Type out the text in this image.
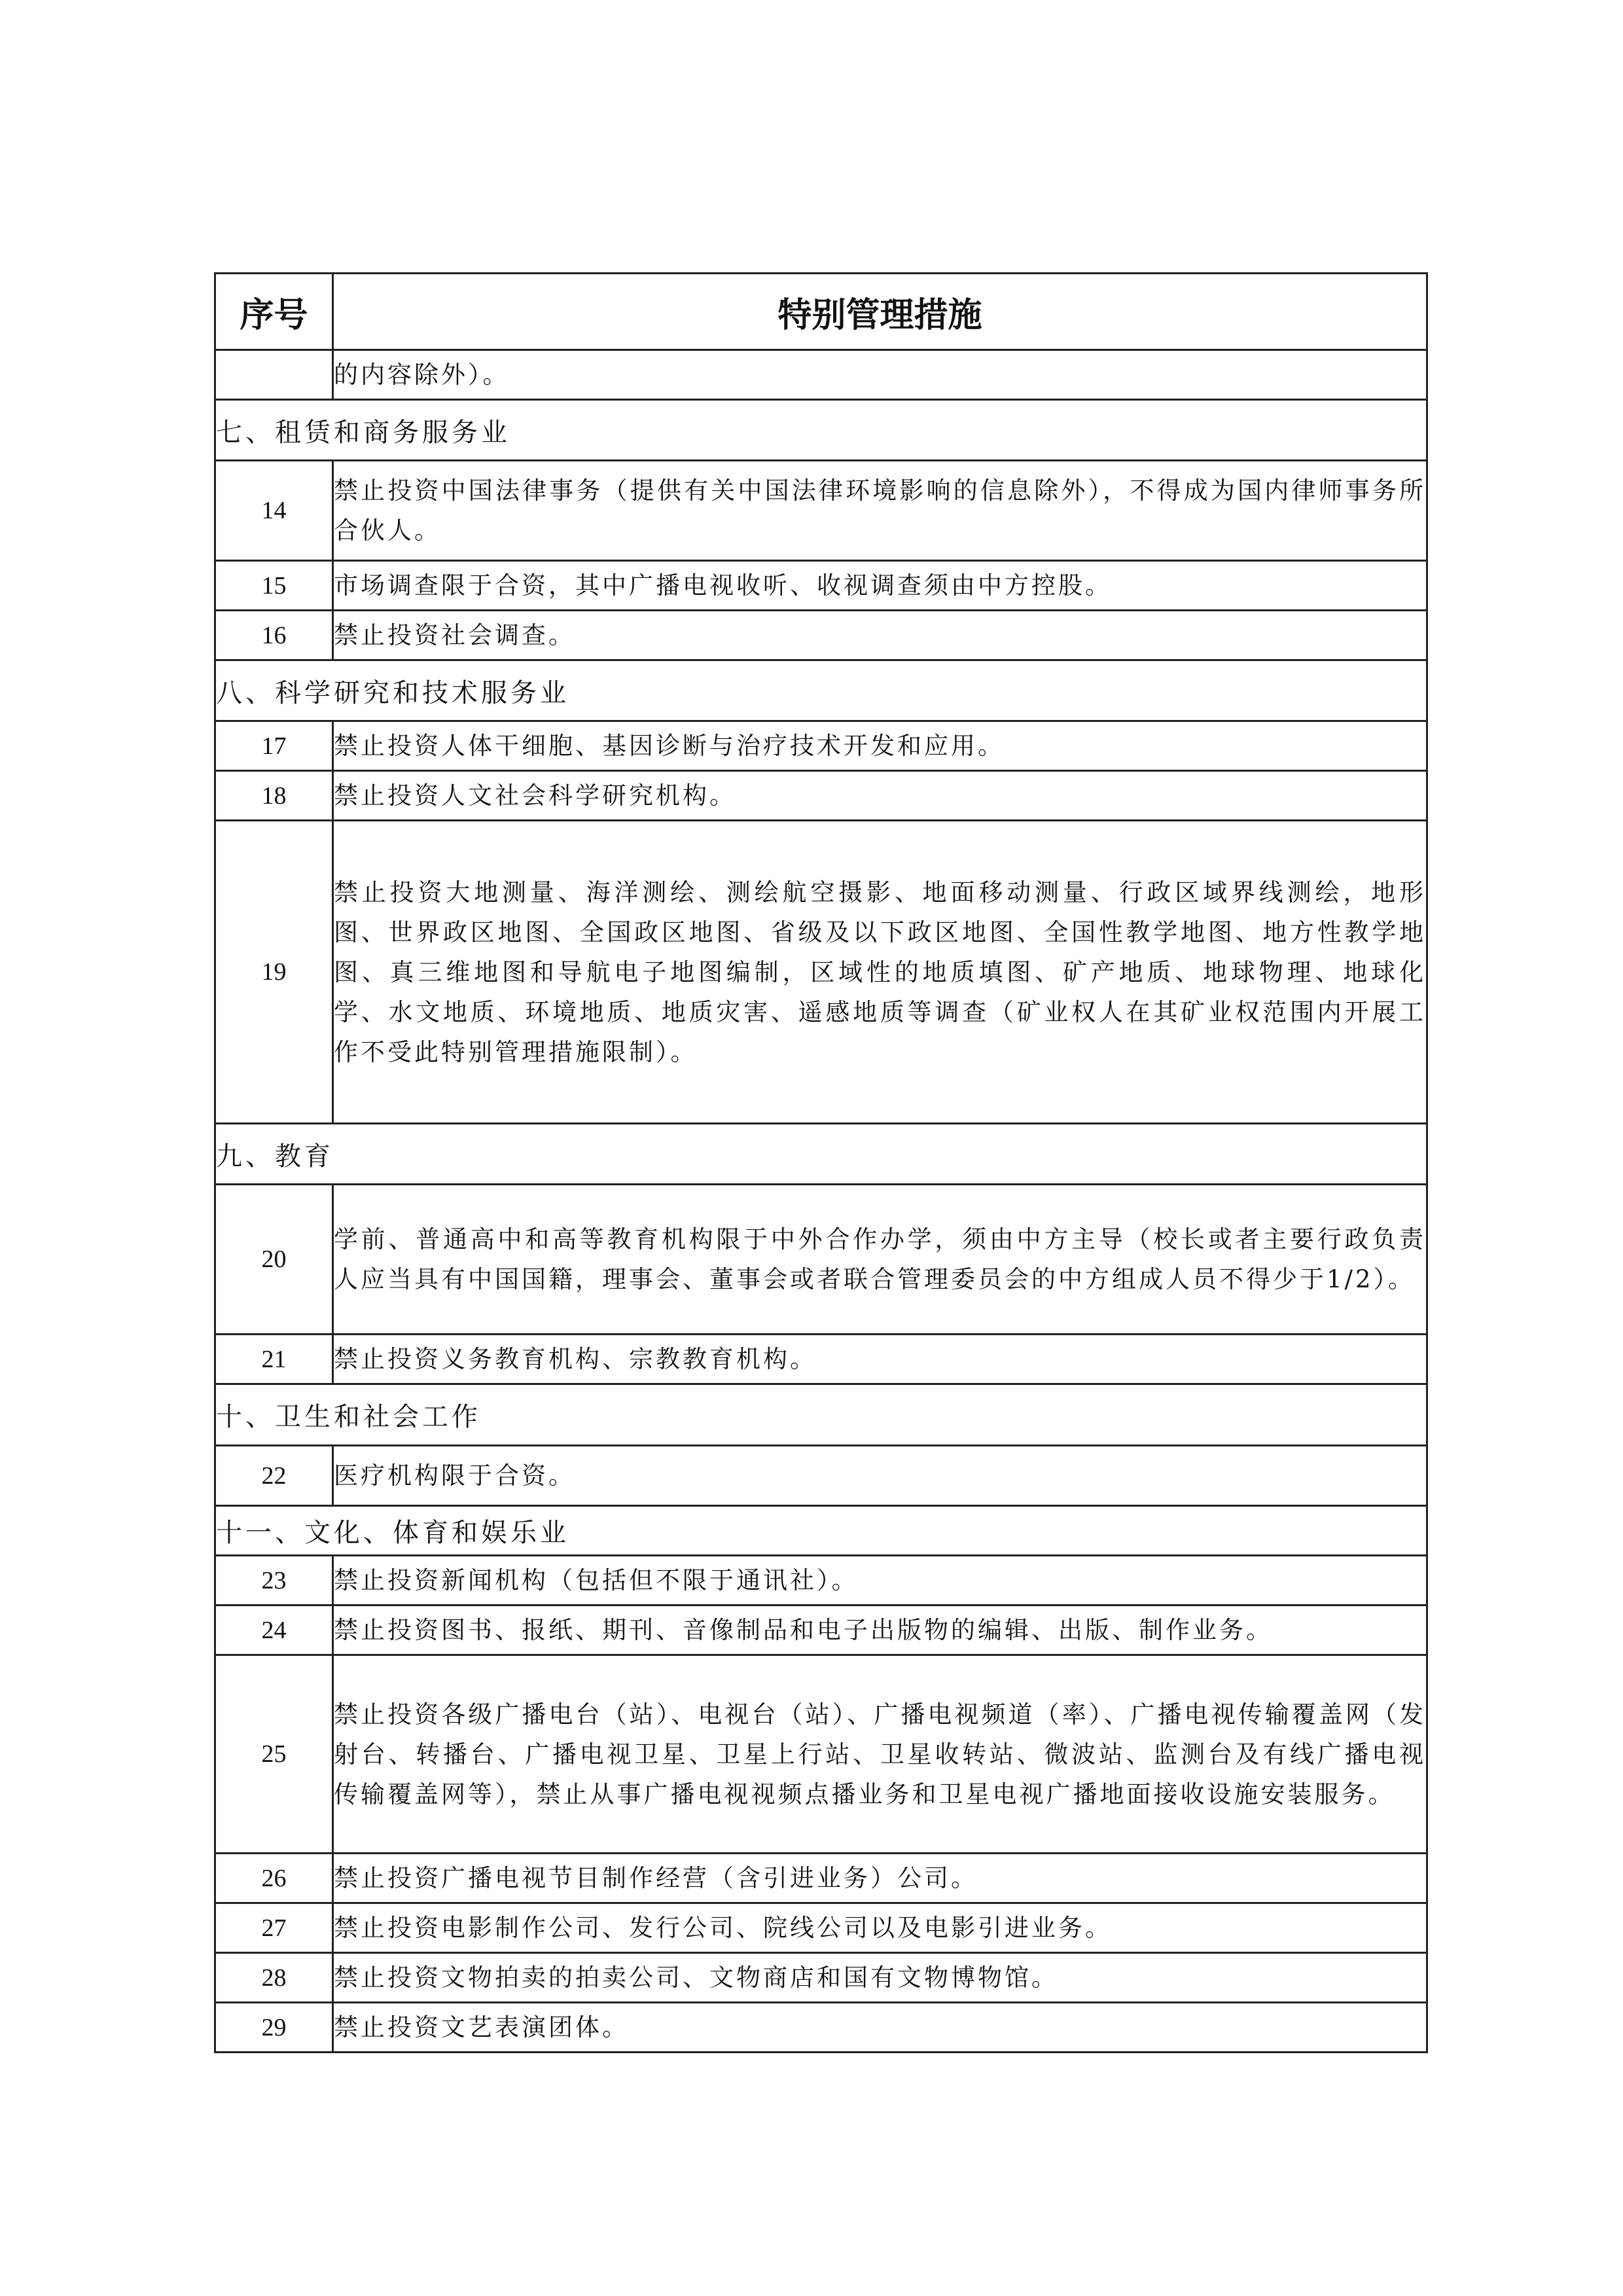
序号	特别管理措施
	的内容除外）。
七、租赁和商务服务业	
14	禁止投资中国法律事务（提供有关中国法律环境影响的信息除外），不得成为国内律师事务所合伙人。
15	市场调查限于合资，其中广播电视收听、收视调查须由中方控股。
16	禁止投资社会调查。
八、科学研究和技术服务业	
17	禁止投资人体干细胞、基因诊断与治疗技术开发和应用。
18	禁止投资人文社会科学研究机构。
19	禁止投资大地测量、海洋测绘、测绘航空摄影、地面移动测量、行政区域界线测绘，地形图、世界政区地图、全国政区地图、省级及以下政区地图、全国性教学地图、地方性教学地图、真三维地图和导航电子地图编制，区域性的地质填图、矿产地质、地球物理、地球化学、水文地质、环境地质、地质灾害、遥感地质等调查（矿业权人在其矿业权范围内开展工作不受此特别管理措施限制）。
九、教育	
20	学前、普通高中和高等教育机构限于中外合作办学，须由中方主导（校长或者主要行政负责人应当具有中国国籍，理事会、董事会或者联合管理委员会的中方组成人员不得少于1/2）。
21	禁止投资义务教育机构、宗教教育机构。
十、卫生和社会工作	
22	医疗机构限于合资。
十一、文化、体育和娱乐业	
23	禁止投资新闻机构（包括但不限于通讯社）。
24	禁止投资图书、报纸、期刊、音像制品和电子出版物的编辑、出版、制作业务。
25	禁止投资各级广播电台（站）、电视台（站）、广播电视频道（率）、广播电视传输覆盖网（发射台、转播台、广播电视卫星、卫星上行站、卫星收转站、微波站、监测台及有线广播电视传输覆盖网等），禁止从事广播电视视频点播业务和卫星电视广播地面接收设施安装服务。
26	禁止投资广播电视节目制作经营（含引进业务）公司。
27	禁止投资电影制作公司、发行公司、院线公司以及电影引进业务。
28	禁止投资文物拍卖的拍卖公司、文物商店和国有文物博物馆。
29	禁止投资文艺表演团体。
